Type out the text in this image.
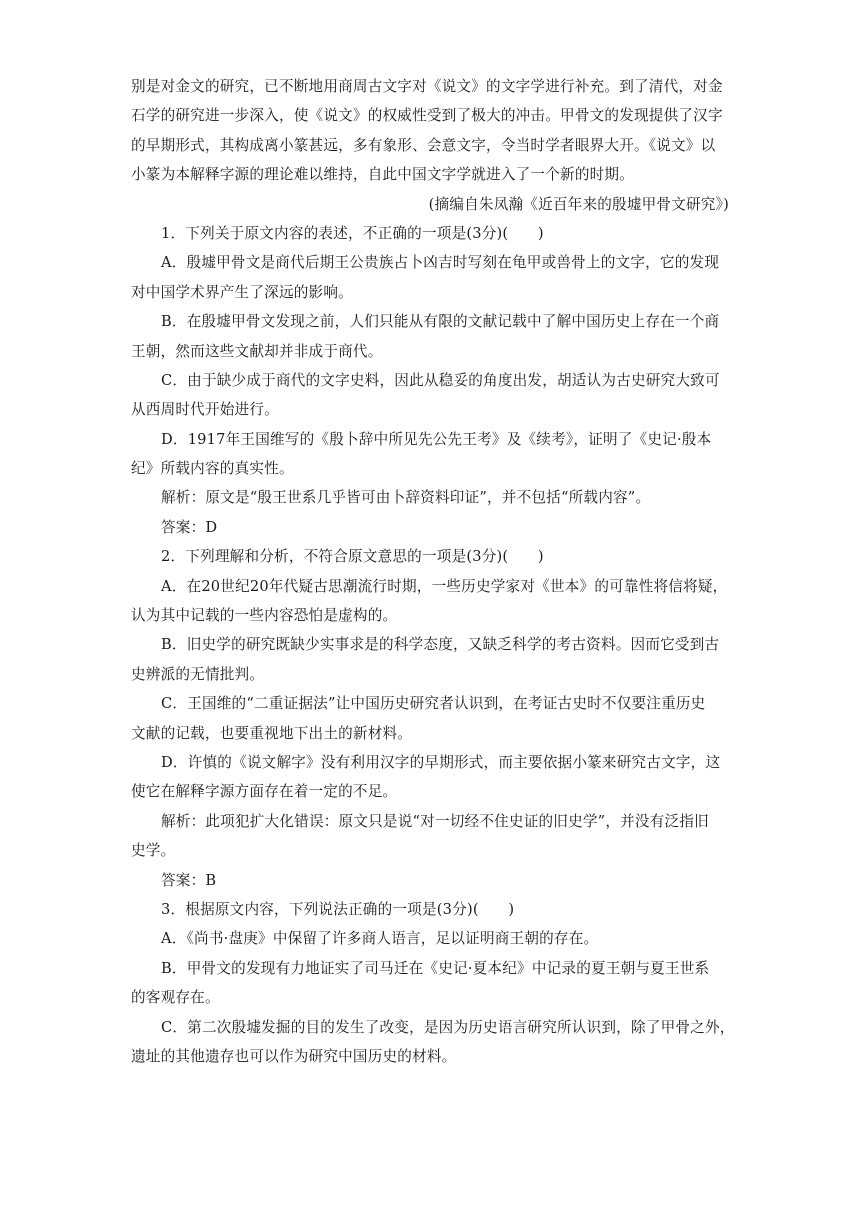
别是对金文的研究，已不断地用商周古文字对《说文》的文字学进行补充。到了清代，对金
石学的研究进一步深入，使《说文》的权威性受到了极大的冲击。甲骨文的发现提供了汉字
的早期形式，其构成离小篆甚远，多有象形、会意文字，令当时学者眼界大开。《说文》以
小篆为本解释字源的理论难以维持，自此中国文字学就进入了一个新的时期。
(摘编自朱凤瀚《近百年来的殷墟甲骨文研究》)
1．下列关于原文内容的表述，不正确的一项是(3分)(　　)
A．殷墟甲骨文是商代后期王公贵族占卜凶吉时写刻在龟甲或兽骨上的文字，它的发现
对中国学术界产生了深远的影响。
B．在殷墟甲骨文发现之前，人们只能从有限的文献记载中了解中国历史上存在一个商
王朝，然而这些文献却并非成于商代。
C．由于缺少成于商代的文字史料，因此从稳妥的角度出发，胡适认为古史研究大致可
从西周时代开始进行。
D．1917年王国维写的《殷卜辞中所见先公先王考》及《续考》，证明了《史记·殷本
纪》所载内容的真实性。
解析：原文是“殷王世系几乎皆可由卜辞资料印证”，并不包括“所载内容”。
答案：D
2．下列理解和分析，不符合原文意思的一项是(3分)(　　)
A．在20世纪20年代疑古思潮流行时期，一些历史学家对《世本》的可靠性将信将疑，
认为其中记载的一些内容恐怕是虚构的。
B．旧史学的研究既缺少实事求是的科学态度，又缺乏科学的考古资料。因而它受到古
史辨派的无情批判。
C．王国维的“二重证据法”让中国历史研究者认识到，在考证古史时不仅要注重历史
文献的记载，也要重视地下出土的新材料。
D．许慎的《说文解字》没有利用汉字的早期形式，而主要依据小篆来研究古文字，这
使它在解释字源方面存在着一定的不足。
解析：此项犯扩大化错误：原文只是说“对一切经不住史证的旧史学”，并没有泛指旧
史学。
答案：B
3．根据原文内容，下列说法正确的一项是(3分)(　　)
A．《尚书·盘庚》中保留了许多商人语言，足以证明商王朝的存在。
B．甲骨文的发现有力地证实了司马迁在《史记·夏本纪》中记录的夏王朝与夏王世系
的客观存在。
C．第二次殷墟发掘的目的发生了改变，是因为历史语言研究所认识到，除了甲骨之外，
遗址的其他遗存也可以作为研究中国历史的材料。
